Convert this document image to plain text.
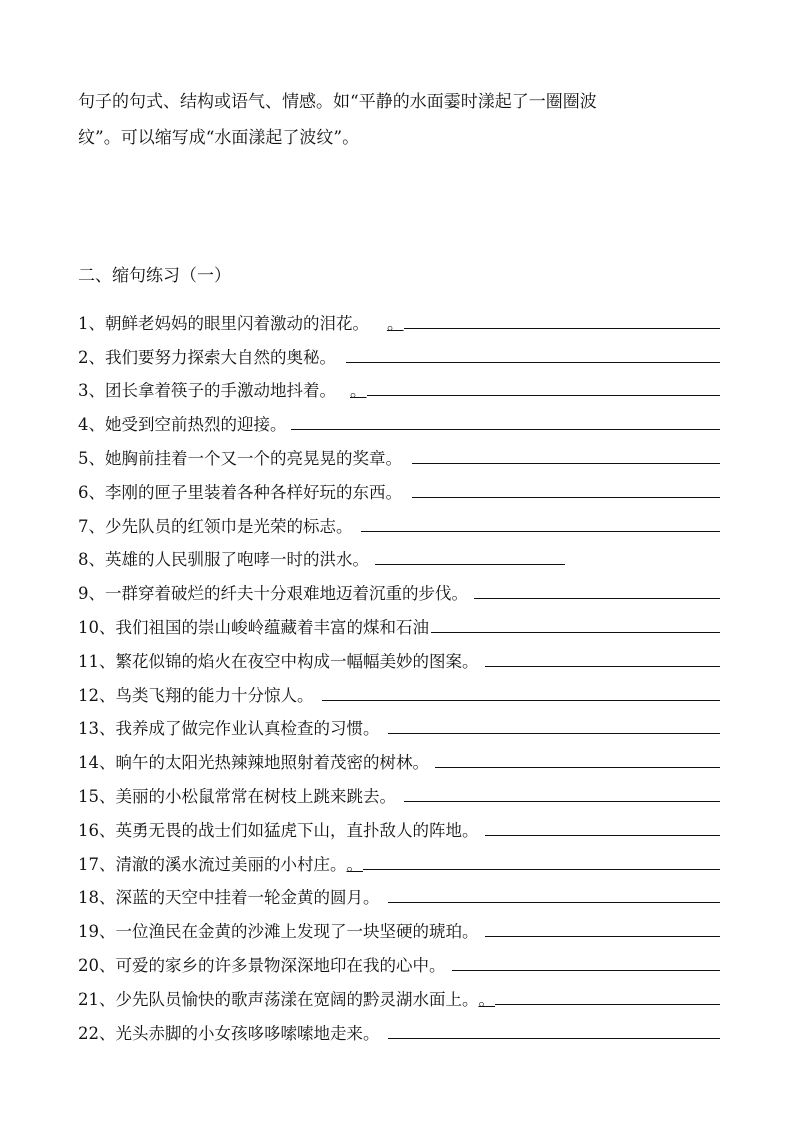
句子的句式、结构或语气、情感。如“平静的水面霎时漾起了一圈圈波

纹”。可以缩写成“水面漾起了波纹”。

二、缩句练习（一）
1、 朝鲜老妈妈的眼里闪着激动的泪花。	。
2、 我们要努力探索大自然的奥秘。
3、 团长拿着筷子的手激动地抖着。 。
4、 她受到空前热烈的迎接。
5、 她胸前挂着一个又一个的亮晃晃的奖章。
6、 李刚的匣子里装着各种各样好玩的东西。
7、 少先队员的红领巾是光荣的标志。
8、 英雄的人民驯服了咆哮一时的洪水。
9、 一群穿着破烂的纤夫十分艰难地迈着沉重的步伐。
10、 我们祖国的崇山峻岭蕴藏着丰富的煤和石油
11、 繁花似锦的焰火在夜空中构成一幅幅美妙的图案。
12、 鸟类飞翔的能力十分惊人。
13、 我养成了做完作业认真检查的习惯。
14、 晌午的太阳光热辣辣地照射着茂密的树林。
15、 美丽的小松鼠常常在树枝上跳来跳去。
16、 英勇无畏的战士们如猛虎下山，直扑敌人的阵地。
17、 清澈的溪水流过美丽的小村庄。 。
18、 深蓝的天空中挂着一轮金黄的圆月。
19、 一位渔民在金黄的沙滩上发现了一块坚硬的琥珀。
20、 可爱的家乡的许多景物深深地印在我的心中。
21、 少先队员愉快的歌声荡漾在宽阔的黔灵湖水面上。 。
22、 光头赤脚的小女孩哆哆嗦嗦地走来。
